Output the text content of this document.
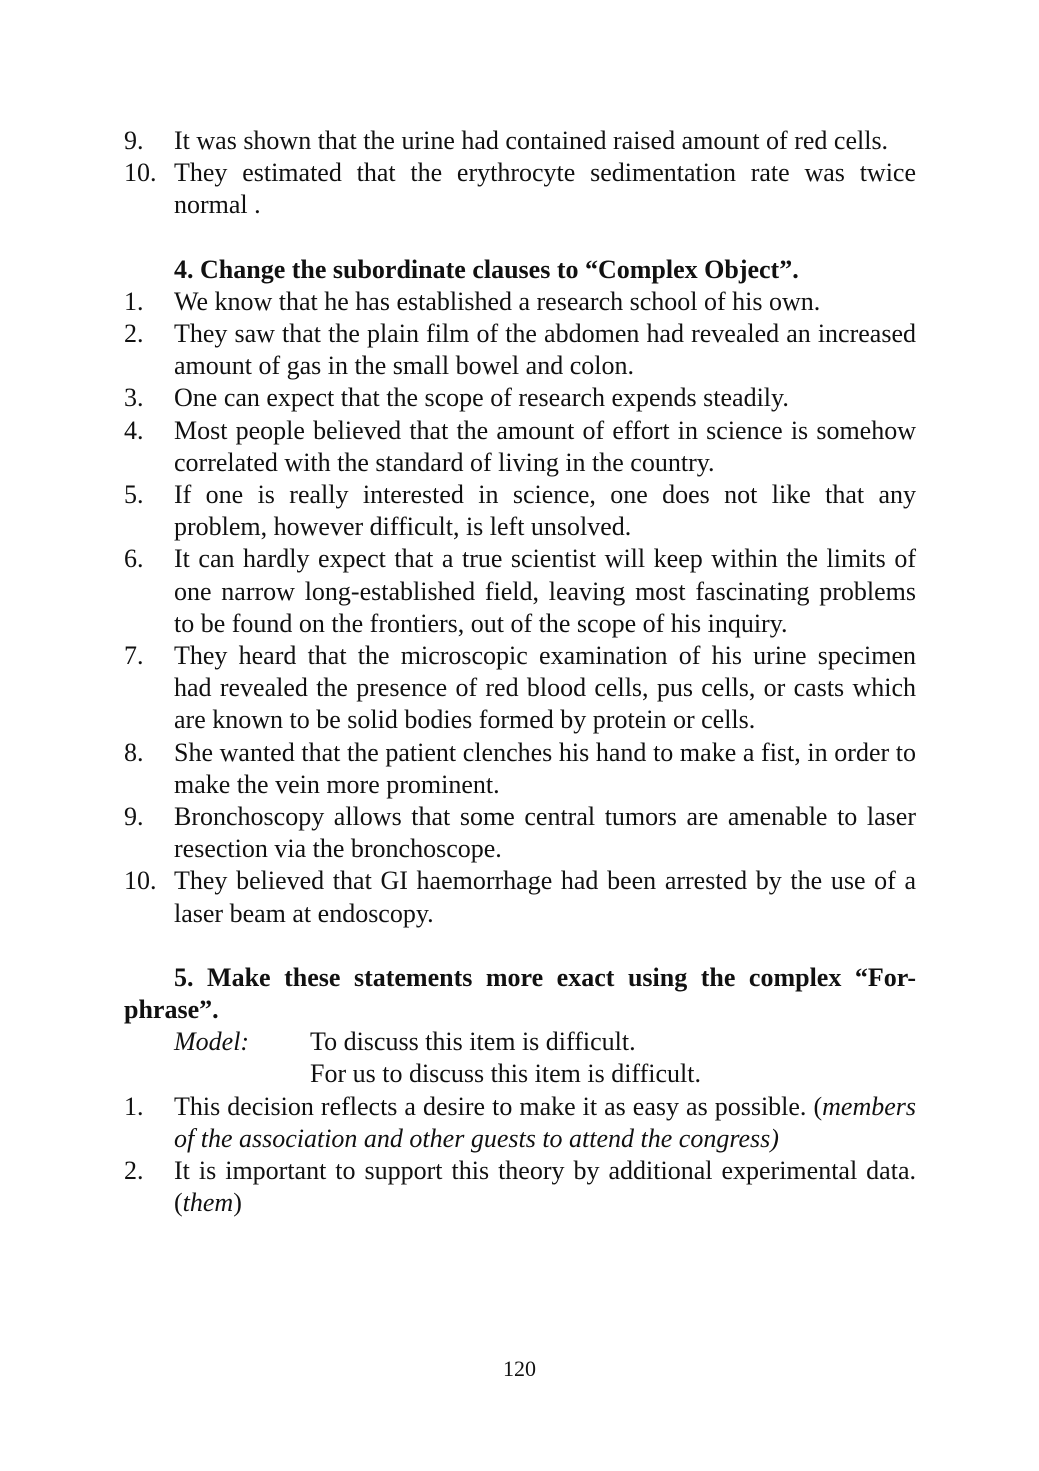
9.	It was shown that the urine had contained raised amount of red cells.
10. They estimated that the erythrocyte sedimentation rate was twice normal .
4. Change the subordinate clauses to “Complex Object”.
1.	We know that he has established a research school of his own.
2.	They saw that the plain film of the abdomen had revealed an increased amount of gas in the small bowel and colon.
3.	One can expect that the scope of research expends steadily.
4.	Most people believed that the amount of effort in science is somehow correlated with the standard of living in the country.
5.	If one is really interested in science, one does not like that any problem, however difficult, is left unsolved.
6.	It can hardly expect that a true scientist will keep within the limits of one narrow long-established field, leaving most fascinating problems to be found on the frontiers, out of the scope of his inquiry.
7.	They heard that the microscopic examination of his urine specimen had revealed the presence of red blood cells, pus cells, or casts which are known to be solid bodies formed by protein or cells.
8.	She wanted that the patient clenches his hand to make a fist, in order to make the vein more prominent.
9.	Bronchoscopy allows that some central tumors are amenable to laser resection via the bronchoscope.
10. They believed that GI haemorrhage had been arrested by the use of a laser beam at endoscopy.
5. Make these statements more exact using the complex “For-phrase”.
Model:	To discuss this item is difficult.
For us to discuss this item is difficult.
1.	This decision reflects a desire to make it as easy as possible. (members of the association and other guests to attend the congress)
2.	It is important to support this theory by additional experimental data. (them)
120
